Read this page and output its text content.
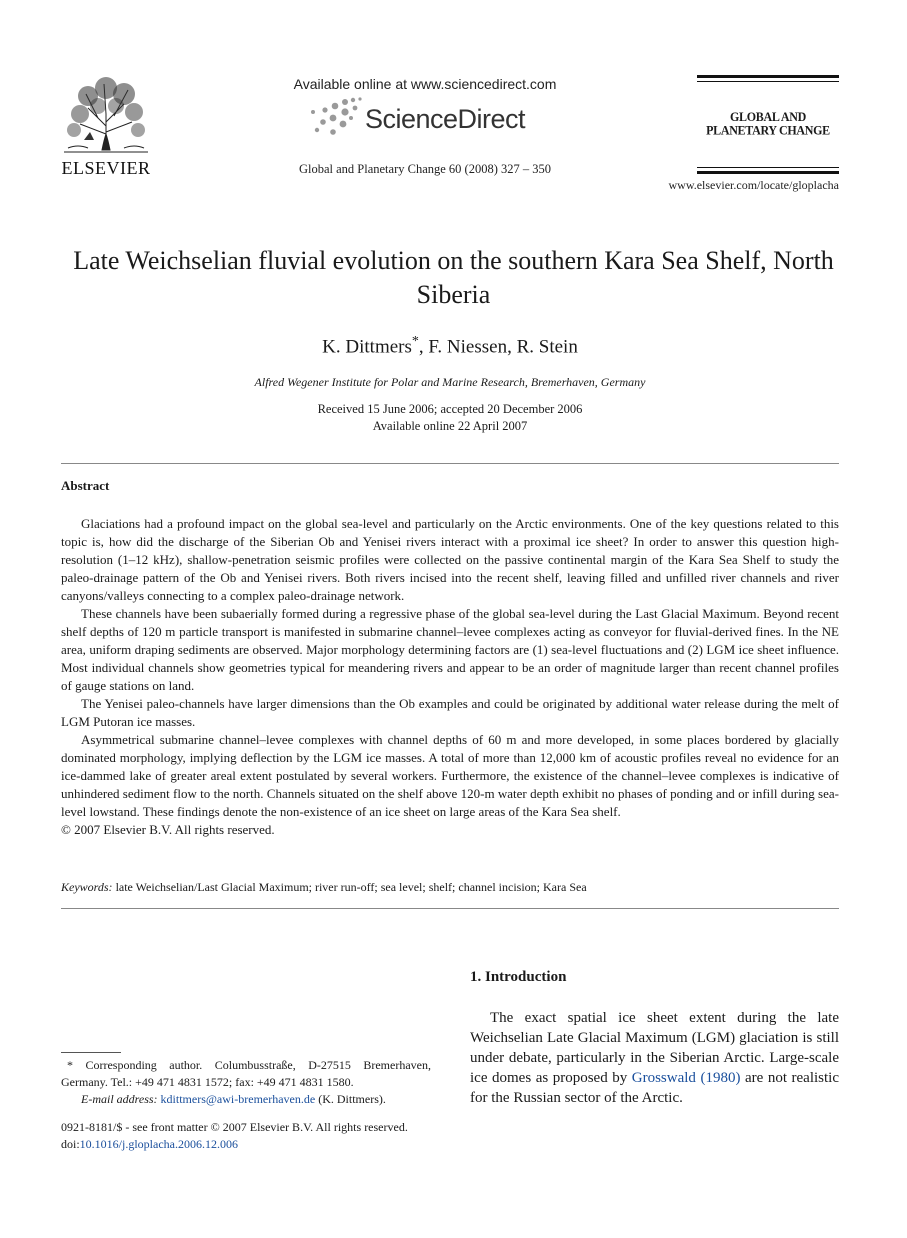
ELSEVIER
Available online at www.sciencedirect.com
ScienceDirect
Global and Planetary Change 60 (2008) 327 – 350
GLOBAL AND PLANETARY CHANGE
www.elsevier.com/locate/gloplacha
Late Weichselian fluvial evolution on the southern Kara Sea Shelf, North Siberia
K. Dittmers*, F. Niessen, R. Stein
Alfred Wegener Institute for Polar and Marine Research, Bremerhaven, Germany
Received 15 June 2006; accepted 20 December 2006
Available online 22 April 2007
Abstract

Glaciations had a profound impact on the global sea-level and particularly on the Arctic environments. One of the key questions related to this topic is, how did the discharge of the Siberian Ob and Yenisei rivers interact with a proximal ice sheet? In order to answer this question high-resolution (1–12 kHz), shallow-penetration seismic profiles were collected on the passive continental margin of the Kara Sea Shelf to study the paleo-drainage pattern of the Ob and Yenisei rivers. Both rivers incised into the recent shelf, leaving filled and unfilled river channels and river canyons/valleys connecting to a complex paleo-drainage network.

These channels have been subaerially formed during a regressive phase of the global sea-level during the Last Glacial Maximum. Beyond recent shelf depths of 120 m particle transport is manifested in submarine channel–levee complexes acting as conveyor for fluvial-derived fines. In the NE area, uniform draping sediments are observed. Major morphology determining factors are (1) sea-level fluctuations and (2) LGM ice sheet influence. Most individual channels show geometries typical for meandering rivers and appear to be an order of magnitude larger than recent channel profiles of gauge stations on land.

The Yenisei paleo-channels have larger dimensions than the Ob examples and could be originated by additional water release during the melt of LGM Putoran ice masses.

Asymmetrical submarine channel–levee complexes with channel depths of 60 m and more developed, in some places bordered by glacially dominated morphology, implying deflection by the LGM ice masses. A total of more than 12,000 km of acoustic profiles reveal no evidence for an ice-dammed lake of greater areal extent postulated by several workers. Furthermore, the existence of the channel–levee complexes is indicative of unhindered sediment flow to the north. Channels situated on the shelf above 120-m water depth exhibit no phases of ponding and or infill during sea-level lowstand. These findings denote the non-existence of an ice sheet on large areas of the Kara Sea shelf.

© 2007 Elsevier B.V. All rights reserved.

Keywords: late Weichselian/Last Glacial Maximum; river run-off; sea level; shelf; channel incision; Kara Sea
* Corresponding author. Columbusstraße, D-27515 Bremerhaven, Germany. Tel.: +49 471 4831 1572; fax: +49 471 4831 1580.
E-mail address: kdittmers@awi-bremerhaven.de (K. Dittmers).
0921-8181/$ - see front matter © 2007 Elsevier B.V. All rights reserved.
doi:10.1016/j.gloplacha.2006.12.006
1. Introduction
The exact spatial ice sheet extent during the late Weichselian Late Glacial Maximum (LGM) glaciation is still under debate, particularly in the Siberian Arctic. Large-scale ice domes as proposed by Grosswald (1980) are not realistic for the Russian sector of the Arctic.
